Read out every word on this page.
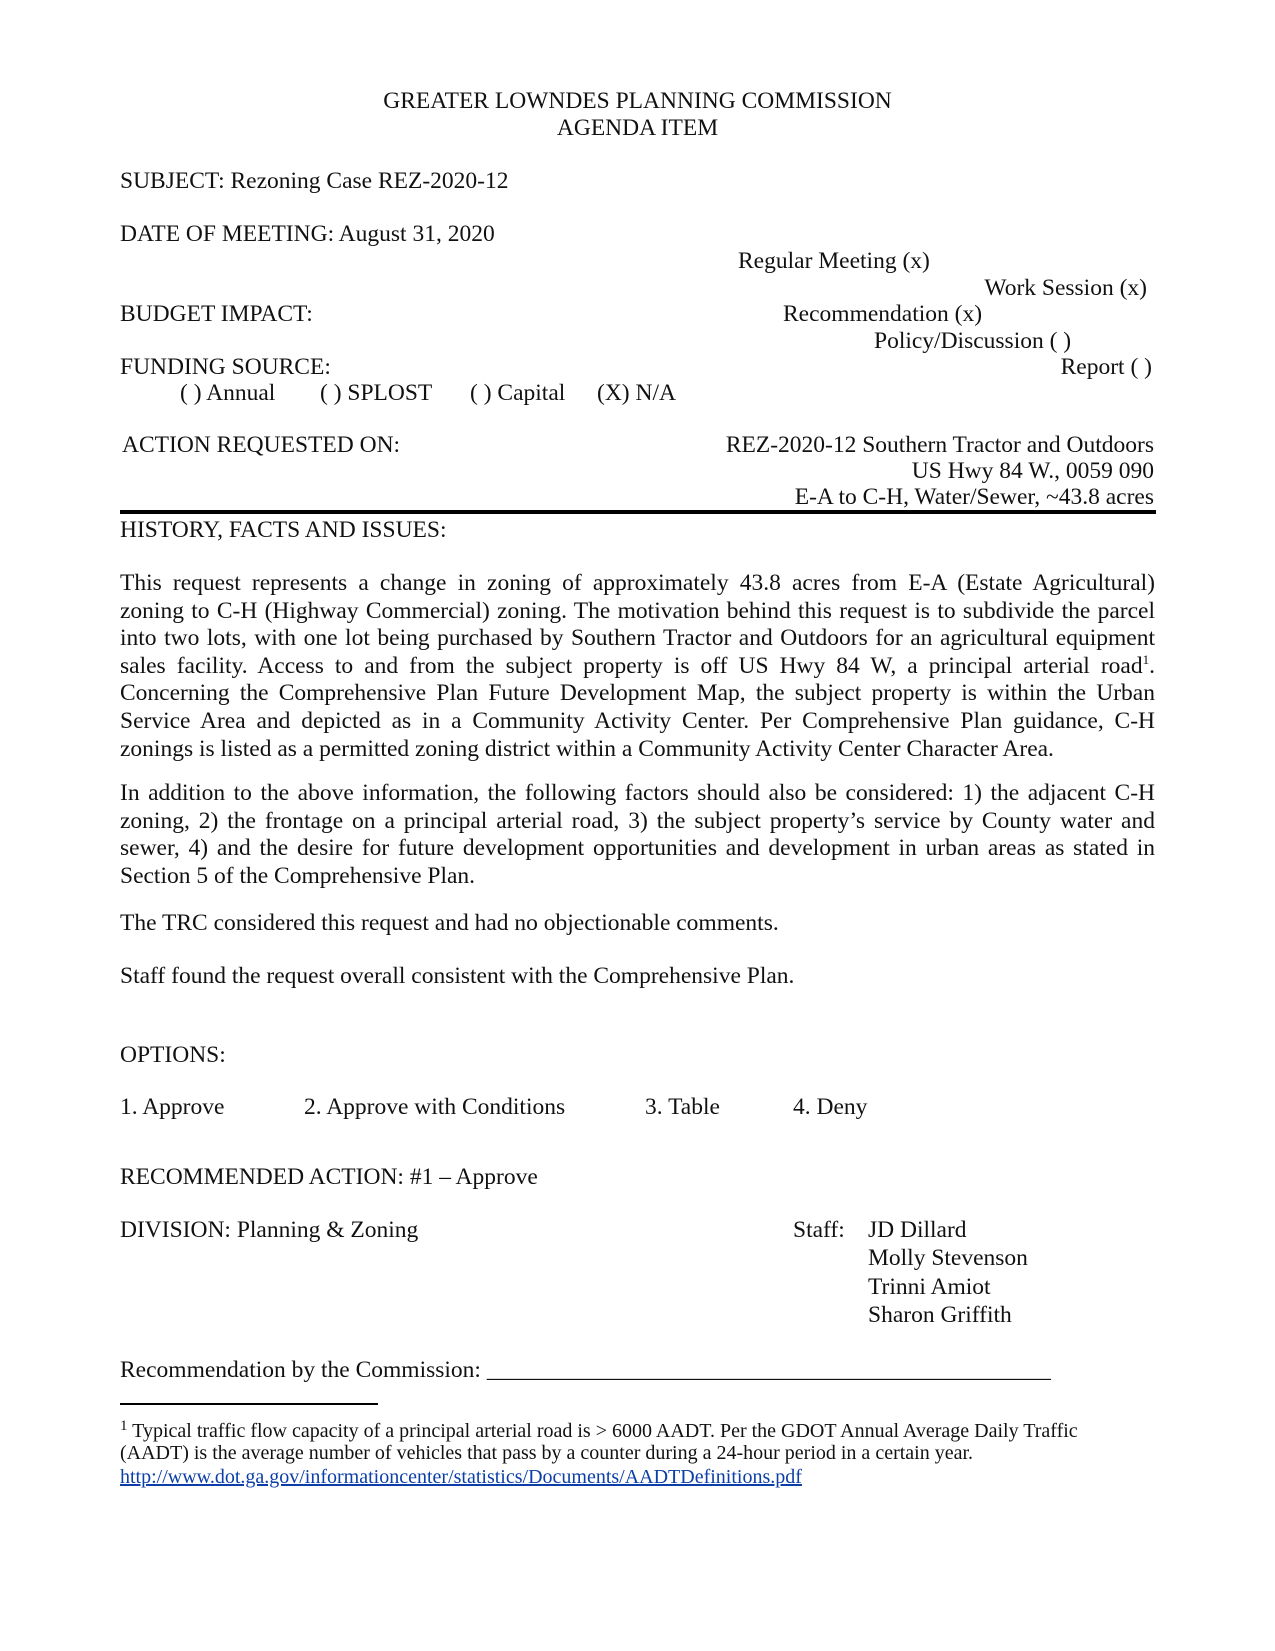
GREATER LOWNDES PLANNING COMMISSION
AGENDA ITEM
SUBJECT: Rezoning Case REZ-2020-12
DATE OF MEETING: August 31, 2020
Regular Meeting (x)
Work Session (x)
Recommendation (x)
Policy/Discussion ( )
Report ( )
BUDGET IMPACT:
FUNDING SOURCE:
( ) Annual ( ) SPLOST ( ) Capital (X) N/A
ACTION REQUESTED ON:	REZ-2020-12 Southern Tractor and Outdoors
US Hwy 84 W., 0059 090
E-A to C-H, Water/Sewer, ~43.8 acres
HISTORY, FACTS AND ISSUES:
This request represents a change in zoning of approximately 43.8 acres from E-A (Estate Agricultural)
zoning to C-H (Highway Commercial) zoning. The motivation behind this request is to subdivide the parcel
into two lots, with one lot being purchased by Southern Tractor and Outdoors for an agricultural equipment
sales facility. Access to and from the subject property is off US Hwy 84 W, a principal arterial road$^1$.
Concerning the Comprehensive Plan Future Development Map, the subject property is within the Urban
Service Area and depicted as in a Community Activity Center. Per Comprehensive Plan guidance, C-H
zonings is listed as a permitted zoning district within a Community Activity Center Character Area.
In addition to the above information, the following factors should also be considered: 1) the adjacent C-H
zoning, 2) the frontage on a principal arterial road, 3) the subject property’s service by County water and
sewer, 4) and the desire for future development opportunities and development in urban areas as stated in
Section 5 of the Comprehensive Plan.
The TRC considered this request and had no objectionable comments.
Staff found the request overall consistent with the Comprehensive Plan.
OPTIONS:
1. Approve	2. Approve with Conditions	3. Table	4. Deny
RECOMMENDED ACTION: #1 – Approve
DIVISION: Planning & Zoning	Staff: JD Dillard
Molly Stevenson
Trinni Amiot
Sharon Griffith
Recommendation by the Commission: ________________________________________________
$^1$ Typical traffic flow capacity of a principal arterial road is > 6000 AADT. Per the GDOT Annual Average Daily Traffic
(AADT) is the average number of vehicles that pass by a counter during a 24-hour period in a certain year.
http://www.dot.ga.gov/informationcenter/statistics/Documents/AADTDefinitions.pdf
